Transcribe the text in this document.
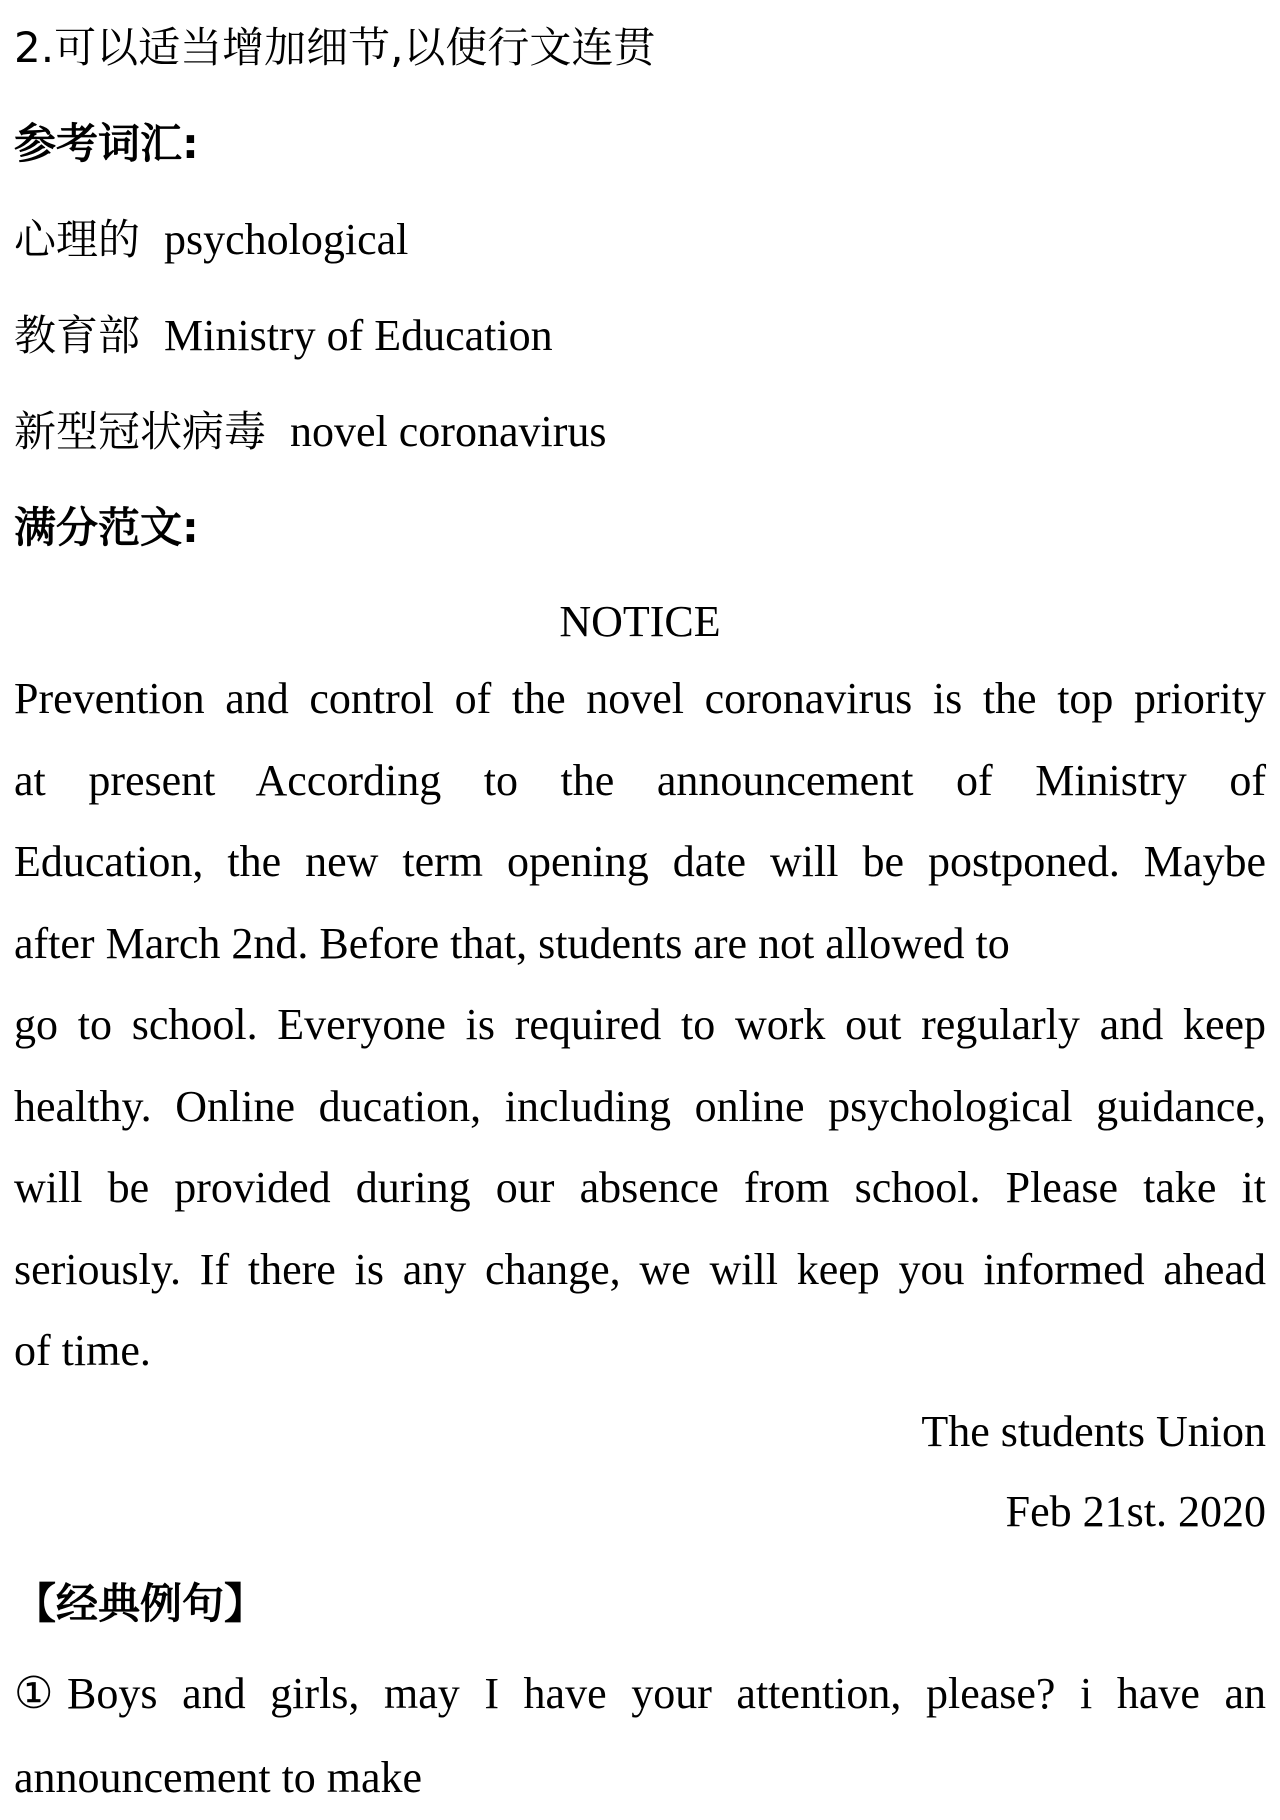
2.可以适当增加细节,以使行文连贯
参考词汇:
心理的 psychological
教育部 Ministry of Education
新型冠状病毒 novel coronavirus
满分范文:
NOTICE
Prevention and control of the novel coronavirus is the top priority
at present According to the announcement of Ministry of
Education, the new term opening date will be postponed. Maybe
after March 2nd. Before that, students are not allowed to
go to school. Everyone is required to work out regularly and keep
healthy. Online ducation, including online psychological guidance,
will be provided during our absence from school. Please take it
seriously. If there is any change, we will keep you informed ahead
of time.
The students Union
Feb 21st. 2020
【经典例句】
①Boys and girls, may I have your attention, please? i have an
announcement to make
